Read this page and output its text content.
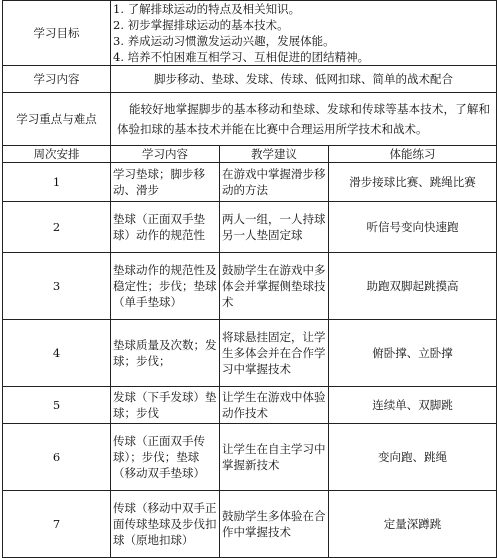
学习目标	1. 了解排球运动的特点及相关知识。
2. 初步掌握排球运动的基本技术。
3. 养成运动习惯激发运动兴趣，发展体能。
4. 培养不怕困难互相学习、互相促进的团结精神。		

学习内容	脚步移动、垫球、发球、传球、低网扣球、简单的战术配合		
学习重点与难点	能较好地掌握脚步的基本移动和垫球、发球和传球等基本技术，了解和体验扣球的基本技术并能在比赛中合理运用所学技术和战术。		
周次安排	学习内容	教学建议	体能练习
1	学习垫球；脚步移动、滑步	在游戏中掌握滑步移动的方法	滑步接球比赛、跳绳比赛
2	垫球（正面双手垫球）动作的规范性	两人一组，一人持球另一人垫固定球	听信号变向快速跑
3	垫球动作的规范性及稳定性；步伐；垫球（单手垫球）	鼓励学生在游戏中多体会并掌握侧垫球技术	助跑双脚起跳摸高
4	垫球质量及次数；发球；步伐；	将球悬挂固定，让学生多体会并在合作学习中掌握技术	俯卧撑、立卧撑
5	发球（下手发球）垫球；步伐	让学生在游戏中体验动作技术	连续单、双脚跳
6	传球（正面双手传球）；步伐；垫球（移动双手垫球）	让学生在自主学习中掌握新技术	变向跑、跳绳
7	传球（移动中双手正面传球垫球及步伐扣球（原地扣球）	鼓励学生多体验在合作中掌握技术	定量深蹲跳
